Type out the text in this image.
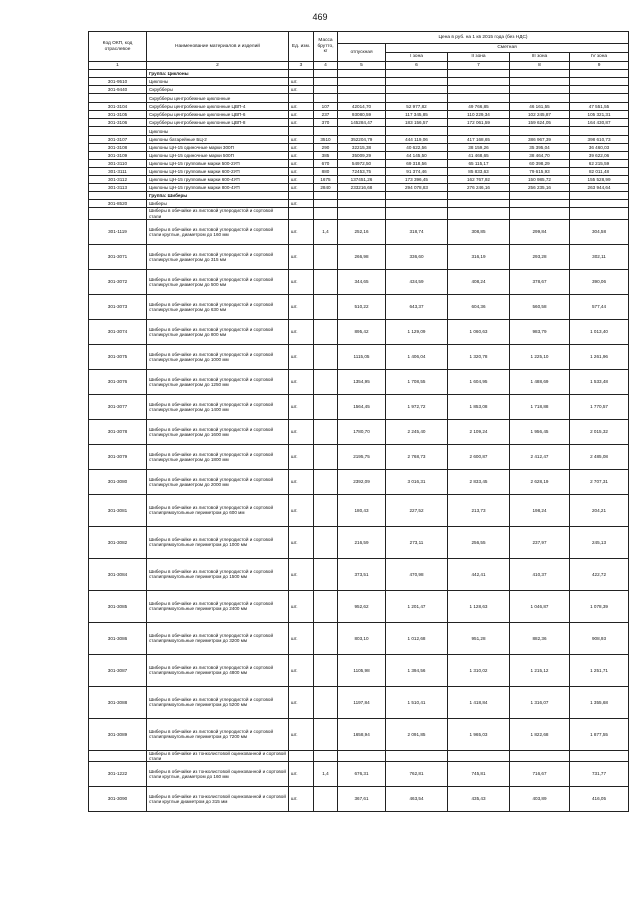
469
Код ОКП, код отраслевое	Наименование материалов и изделий	Ед. изм.	Масса брутто, кг	Цена в руб. на 1 кв 2015 года (без НДС)				
				отпускная	Сметная			
					I зона	II зона	III зона	IV зона
1	2	3	4	5	6	7	8	9
	Группа: Циклоны							
301-9510	Циклоны	шт.						
301-9440	Скрубберы	шт.						
	Скрубберы центробежные циклонные							
301-3104	Скрубберы центробежные циклонные ЦВП-4	шт.	107	42014,70	52 977,82	49 766,85	46 161,55	47 551,55
301-3105	Скрубберы центробежные циклонные ЦВП-6	шт.	237	93080,59	117 345,85	110 229,34	102 245,87	105 321,31
301-3106	Скрубберы центробежные циклонные ЦВП-8	шт.	370	145284,47	183 156,57	172 061,59	159 624,05	164 430,87
	Циклоны							
301-3107	Циклоны батарейные БЦ-2	шт.	3510	352204,79	444 119,06	417 168,65	386 967,39	398 610,73
301-3108	Циклоны ЦН-15 одиночные марки 300П	шт.	290	32215,38	40 622,56	38 159,26	35 395,04	36 460,03
301-3109	Циклоны ЦН-15 одиночные марки 500П	шт.	385	35009,29	44 145,50	41 468,65	38 464,70	39 622,06
301-3110	Циклоны ЦН-15 групповые марки 500-2УП	шт.	670	54972,50	69 318,56	65 115,17	60 398,29	62 215,59
301-3111	Циклоны ЦН-15 групповые марки 600-2УП	шт.	880	72453,75	91 374,46	85 833,63	79 615,93	82 011,48
301-3112	Циклоны ЦН-15 групповые марки 600-4УП	шт.	1675	137451,26	173 396,45	162 767,92	150 985,72	155 528,99
301-3113	Циклоны ЦН-15 групповые марки 800-4УП	шт.	2840	233216,68	294 078,83	276 246,16	256 235,16	263 944,64
	Группа: Шиберы							
301-8520	Шиберы	шт.						
	Шиберы в обечайке из листовой углеродистой и сортовой стали							
301-1119	Шиберы в обечайке из листовой углеродистой и сортовой стали круглые, диаметром до 160 мм	шт.	1,4	252,16	318,74	308,85	299,84	304,58
301-3071	Шиберы в обечайке из листовой углеродистой и сортовой сталикруглые диаметром до 315 мм	шт.		266,98	336,60	316,19	293,28	302,11
301-3072	Шиберы в обечайке из листовой углеродистой и сортовой сталикруглые диаметром до 500 мм	шт.		344,65	434,59	408,24	378,67	390,06
301-3073	Шиберы в обечайке из листовой углеродистой и сортовой сталикруглые диаметром до 630 мм	шт.		510,22	643,37	604,36	560,58	577,44
301-3074	Шиберы в обечайке из листовой углеродистой и сортовой сталикруглые диаметром до 800 мм	шт.		895,42	1 129,09	1 060,63	983,79	1 013,40
301-3075	Шиберы в обечайке из листовой углеродистой и сортовой сталикруглые диаметром до 1000 мм	шт.		1115,05	1 406,04	1 320,78	1 225,10	1 261,96
301-3076	Шиберы в обечайке из листовой углеродистой и сортовой сталикруглые диаметром до 1250 мм	шт.		1354,95	1 708,55	1 604,95	1 488,69	1 533,48
301-3077	Шиберы в обечайке из листовой углеродистой и сортовой сталикруглые диаметром до 1400 мм	шт.		1564,45	1 972,72	1 853,08	1 718,88	1 770,57
301-3078	Шиберы в обечайке из листовой углеродистой и сортовой сталикруглые диаметром до 1600 мм	шт.		1780,70	2 245,40	2 109,24	1 956,45	2 015,32
301-3079	Шиберы в обечайке из листовой углеродистой и сортовой сталикруглые диаметром до 1800 мм	шт.		2195,75	2 768,73	2 600,87	2 412,47	2 485,08
301-3080	Шиберы в обечайке из листовой углеродистой и сортовой сталикруглые диаметром до 2000 мм	шт.		2392,09	3 016,31	2 833,45	2 628,19	2 707,31
301-3081	Шиберы в обечайке из листовой углеродистой и сортовой сталипрямоугольные периметром до 600 мм	шт.		180,43	227,52	213,73	198,24	204,21
301-3082	Шиберы в обечайке из листовой углеродистой и сортовой сталипрямоугольные периметром до 1000 мм	шт.		216,59	273,11	256,55	237,97	245,13
301-3084	Шиберы в обечайке из листовой углеродистой и сортовой сталипрямоугольные периметром до 1500 мм	шт.		373,51	470,98	442,41	410,37	422,72
301-3085	Шиберы в обечайке из листовой углеродистой и сортовой сталипрямоугольные периметром до 2400 мм	шт.		952,62	1 201,47	1 128,63	1 046,87	1 078,39
301-3086	Шиберы в обечайке из листовой углеродистой и сортовой сталипрямоугольные периметром до 3200 мм	шт.		803,10	1 012,68	951,28	882,36	908,93
301-3087	Шиберы в обечайке из листовой углеродистой и сортовой сталипрямоугольные периметром до 4800 мм	шт.		1105,98	1 394,56	1 310,02	1 215,12	1 251,71
301-3088	Шиберы в обечайке из листовой углеродистой и сортовой сталипрямоугольные периметром до 5200 мм	шт.		1197,84	1 510,41	1 418,84	1 316,07	1 355,68
301-3089	Шиберы в обечайке из листовой углеродистой и сортовой сталипрямоугольные периметром до 7200 мм	шт.		1658,94	2 091,85	1 965,03	1 822,68	1 877,55
	Шиберы в обечайке из тонколистовой оцинкованной и сортовой стали							
301-1222	Шиберы в обечайке из тонколистовой оцинкованной и сортовой стали круглые, диаметром до 160 мм	шт.	1,4	676,31	762,81	745,81	716,67	731,77
301-3090	Шиберы в обечайке из тонколистовой оцинкованной и сортовой стали круглые диаметром до 315 мм	шт.		367,61	463,54	435,43	403,89	416,05
